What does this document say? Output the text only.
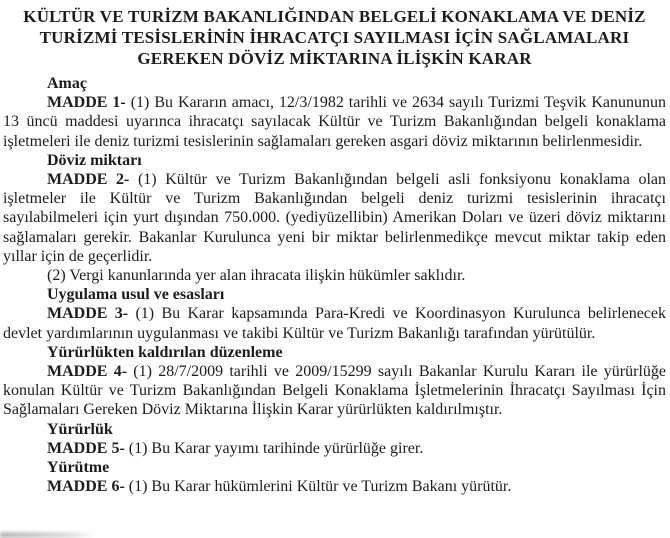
KÜLTÜR VE TURİZM BAKANLIĞINDAN BELGELİ KONAKLAMA VE DENİZ
TURİZMİ TESİSLERİNİN İHRACATÇI SAYILMASI İÇİN SAĞLAMALARI
GEREKEN DÖVİZ MİKTARINA İLİŞKİN KARAR
Amaç

MADDE 1- (1) Bu Kararın amacı, 12/3/1982 tarihli ve 2634 sayılı Turizmi Teşvik Kanununun 13 üncü maddesi uyarınca ihracatçı sayılacak Kültür ve Turizm Bakanlığından belgeli konaklama işletmeleri ile deniz turizmi tesislerinin sağlamaları gereken asgari döviz miktarının belirlenmesidir.

Döviz miktarı

MADDE 2- (1) Kültür ve Turizm Bakanlığından belgeli asli fonksiyonu konaklama olan işletmeler ile Kültür ve Turizm Bakanlığından belgeli deniz turizmi tesislerinin ihracatçı sayılabilmeleri için yurt dışından 750.000. (yediyüzellibin) Amerikan Doları ve üzeri döviz miktarını sağlamaları gerekir. Bakanlar Kurulunca yeni bir miktar belirlenmedikçe mevcut miktar takip eden yıllar için de geçerlidir.

(2) Vergi kanunlarında yer alan ihracata ilişkin hükümler saklıdır.

Uygulama usul ve esasları

MADDE 3- (1) Bu Karar kapsamında Para-Kredi ve Koordinasyon Kurulunca belirlenecek devlet yardımlarının uygulanması ve takibi Kültür ve Turizm Bakanlığı tarafından yürütülür.

Yürürlükten kaldırılan düzenleme

MADDE 4- (1) 28/7/2009 tarihli ve 2009/15299 sayılı Bakanlar Kurulu Kararı ile yürürlüğe konulan Kültür ve Turizm Bakanlığından Belgeli Konaklama İşletmelerinin İhracatçı Sayılması İçin Sağlamaları Gereken Döviz Miktarına İlişkin Karar yürürlükten kaldırılmıştır.

Yürürlük

MADDE 5- (1) Bu Karar yayımı tarihinde yürürlüğe girer.

Yürütme

MADDE 6- (1) Bu Karar hükümlerini Kültür ve Turizm Bakanı yürütür.
